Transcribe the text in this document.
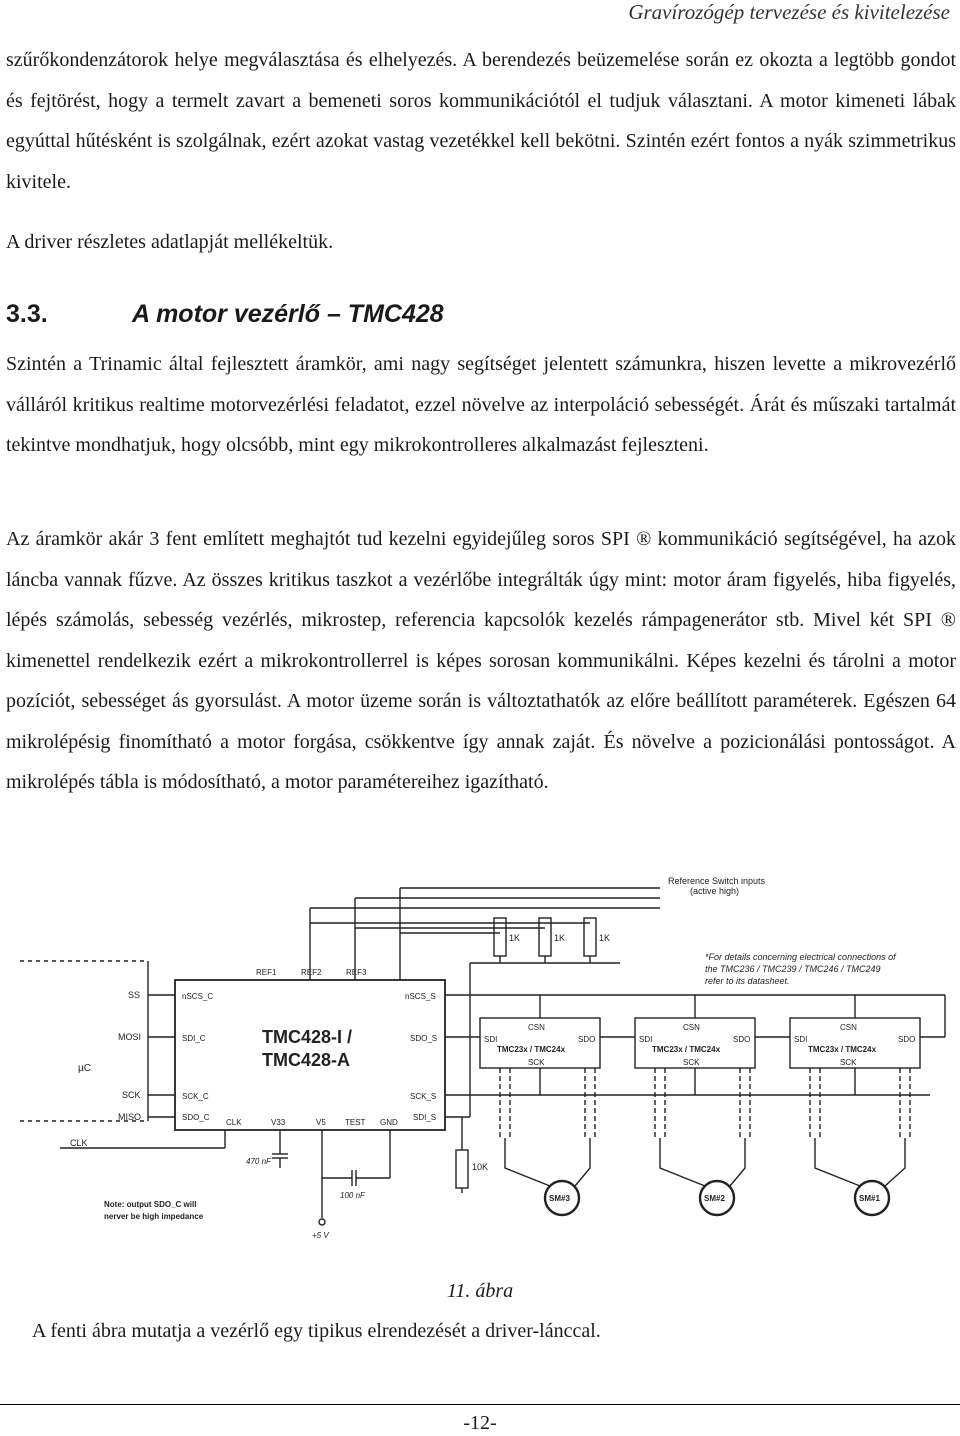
Gravírozógép tervezése és kivitelezése

szűrőkondenzátorok helye megválasztása és elhelyezés. A berendezés beüzemelése során ez okozta a legtöbb gondot és fejtörést, hogy a termelt zavart a bemeneti soros kommunikációtól el tudjuk választani. A motor kimeneti lábak egyúttal hűtésként is szolgálnak, ezért azokat vastag vezetékkel kell bekötni. Szintén ezért fontos a nyák szimmetrikus kivitele.

A driver részletes adatlapját mellékeltük.

3.3.	A motor vezérlő – TMC428

Szintén a Trinamic által fejlesztett áramkör, ami nagy segítséget jelentett számunkra, hiszen levette a mikrovezérlő válláról kritikus realtime motorvezérlési feladatot, ezzel növelve az interpoláció sebességét. Árát és műszaki tartalmát tekintve mondhatjuk, hogy olcsóbb, mint egy mikrokontrolleres alkalmazást fejleszteni.

Az áramkör akár 3 fent említett meghajtót tud kezelni egyidejűleg soros SPI ® kommunikáció segítségével, ha azok láncba vannak fűzve. Az összes kritikus taszkot a vezérlőbe integrálták úgy mint: motor áram figyelés, hiba figyelés, lépés számolás, sebesség vezérlés, mikrostep, referencia kapcsolók kezelés rámpagenerátor stb. Mivel két SPI ® kimenettel rendelkezik ezért a mikrokontrollerrel is képes sorosan kommunikálni. Képes kezelni és tárolni a motor pozíciót, sebességet ás gyorsulást. A motor üzeme során is változtathatók az előre beállított paraméterek. Egészen 64 mikrolépésig finomítható a motor forgása, csökkentve így annak zaját. És növelve a pozicionálási pontosságot. A mikrolépés tábla is módosítható, a motor paramétereihez igazítható.

Reference Switch inputs
(active high)
1K	1K	1K
*For details concerning electrical connections of
the TMC236 / TMC239 / TMC246 / TMC249
refer to its datasheet.
µC
SS
MOSI
SCK
MISO
CLK
TMC428-I /
TMC428-A
nSCS_C
SDI_C
SCK_C
SDO_C
REF1	REF2	REF3
nSCS_S
SDO_S
SCK_S
SDI_S
CLK	V33	V5 TEST GND
CSN
SDI	SDO
TMC23x / TMC24x
SCK
CSN
SDI	SDO
TMC23x / TMC24x
SCK
CSN
SDI	SDO
TMC23x / TMC24x
SCK
SM#3	SM#2	SM#1
10K
470 nF
100 nF
+5 V
Note: output SDO_C will
nerver be high impedance
11. ábra
A fenti ábra mutatja a vezérlő egy tipikus elrendezését a driver-lánccal.
-12-
